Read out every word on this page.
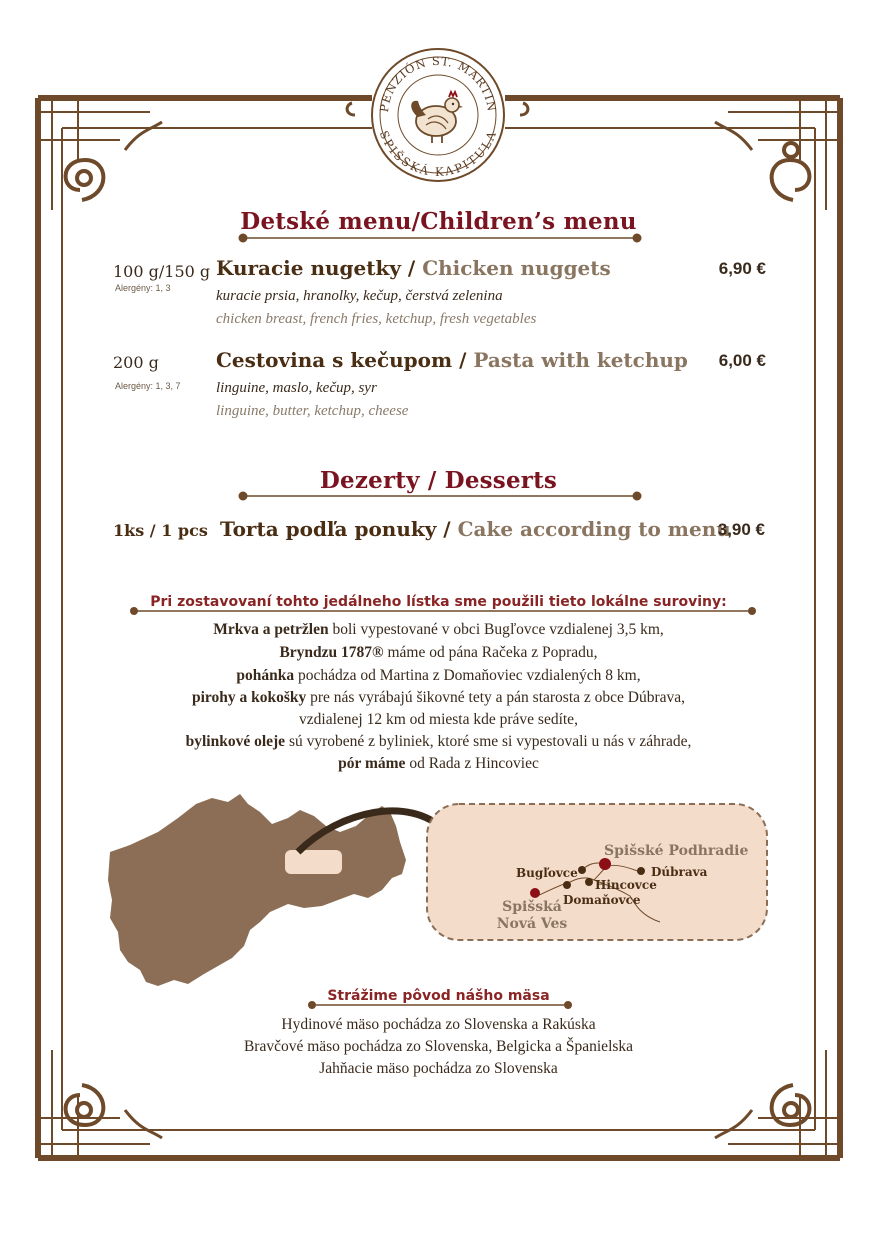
PENZIÓN ST. MARTIN
SPIŠSKÁ KAPITULA
Detské menu/Children’s menu
100 g/150 g
Alergény: 1, 3
Kuracie nugetky / Chicken nuggets	6,90 €
kuracie prsia, hranolky, kečup, čerstvá zelenina
chicken breast, french fries, ketchup, fresh vegetables
200 g
Alergény: 1, 3, 7
Cestovina s kečupom / Pasta with ketchup	6,00 €
linguine, maslo, kečup, syr
linguine, butter, ketchup, cheese
Dezerty / Desserts
1ks / 1 pcs Torta podľa ponuky / Cake according to menu
3,90 €
Pri zostavovaní tohto jedálneho lístka sme použili tieto lokálne suroviny:
Mrkva a petržlen boli vypestované v obci Bugľovce vzdialenej 3,5 km,
Bryndzu 1787® máme od pána Račeka z Popradu,
pohánka pochádza od Martina z Domaňoviec vzdialených 8 km,
pirohy a kokošky pre nás vyrábajú šikovné tety a pán starosta z obce Dúbrava,
vzdialenej 12 km od miesta kde práve sedíte,
bylinkové oleje sú vyrobené z byliniek, ktoré sme si vypestovali u nás v záhrade,
pór máme od Rada z Hincoviec
Spišské Podhradie
Bugľovce	Dúbrava
Hincovce
Domaňovce
Spišská
Nová Ves
Strážime pôvod nášho mäsa
Hydinové mäso pochádza zo Slovenska a Rakúska
Bravčové mäso pochádza zo Slovenska, Belgicka a Španielska
Jahňacie mäso pochádza zo Slovenska
